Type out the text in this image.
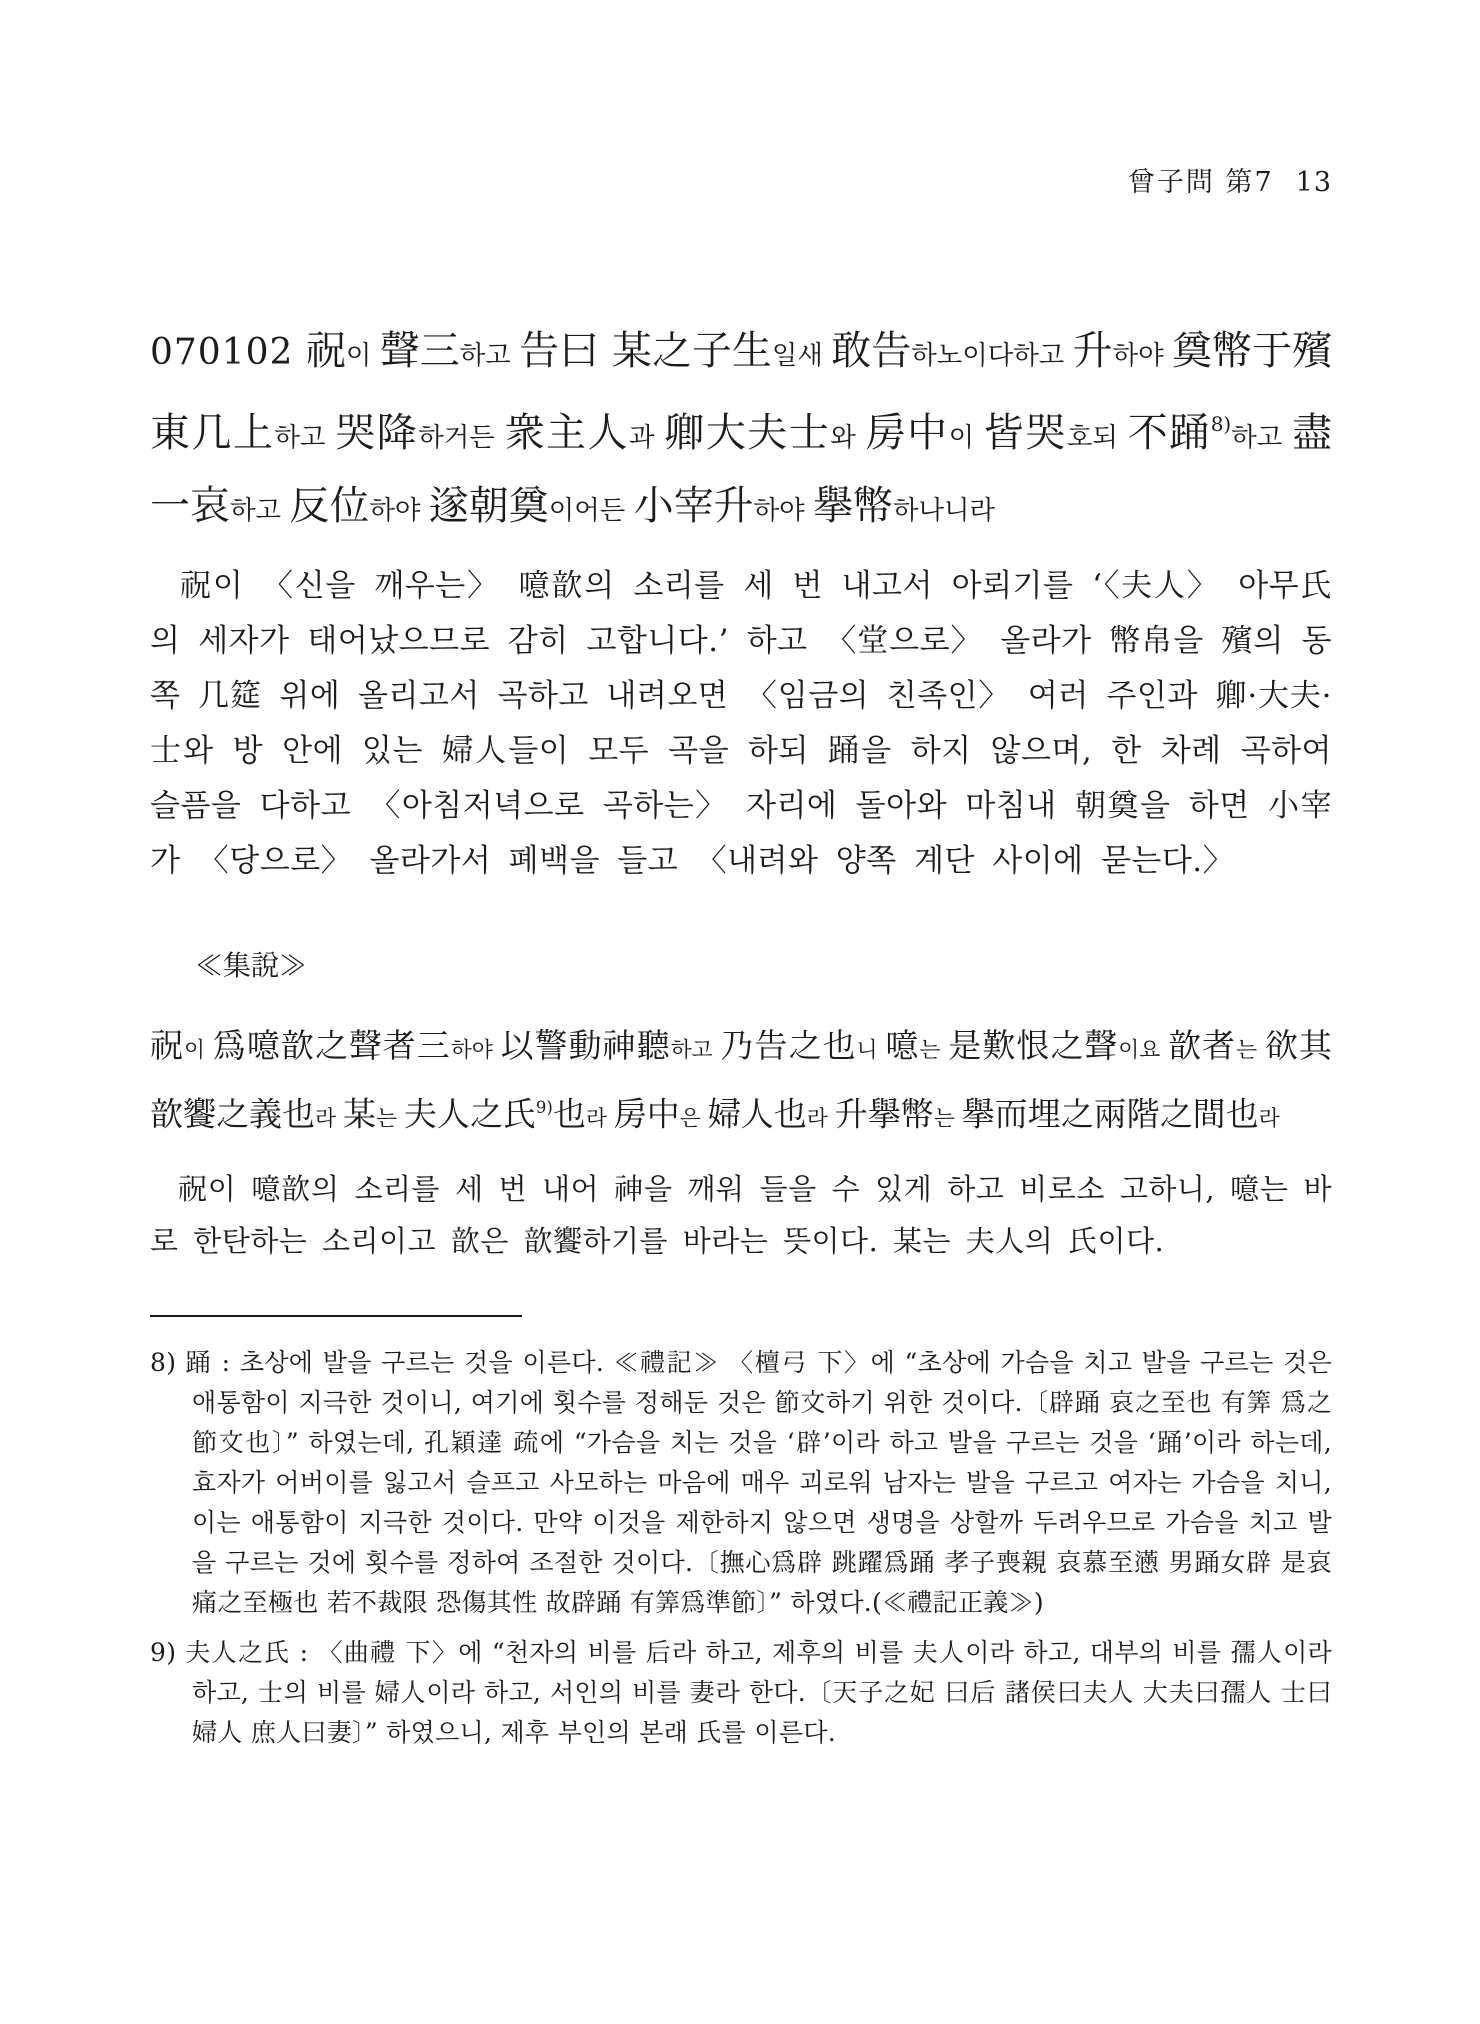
曾子問 第7 13
070102 祝이 聲三하고 告曰 某之子生일새 敢告하노이다하고 升하야 奠幣于殯東几上하고 哭降하거든 衆主人과 卿大夫士와 房中이 皆哭호되 不踊$^{8)}$하고 盡一哀하고 反位하야 遂朝奠이어든 小宰升하야 擧幣하나니라

祝이 〈신을 깨우는〉 噫歆의 소리를 세 번 내고서 아뢰기를 ‘〈夫人〉 아무氏의 세자가 태어났으므로 감히 고합니다.’ 하고 〈堂으로〉 올라가 幣帛을 殯의 동쪽 几筵 위에 올리고서 곡하고 내려오면 〈임금의 친족인〉 여러 주인과 卿·大夫·士와 방 안에 있는 婦人들이 모두 곡을 하되 踊을 하지 않으며, 한 차례 곡하여 슬픔을 다하고 〈아침저녁으로 곡하는〉 자리에 돌아와 마침내 朝奠을 하면 小宰가 〈당으로〉 올라가서 폐백을 들고 〈내려와 양쪽 계단 사이에 묻는다.〉

≪集說≫
祝이 爲噫歆之聲者三하야 以警動神聽하고 乃告之也니 噫는 是歎恨之聲이요 歆者는 欲其歆饗之義也라 某는 夫人之氏$^{9)}$也라 房中은 婦人也라 升擧幣는 擧而埋之兩階之間也라

祝이 噫歆의 소리를 세 번 내어 神을 깨워 들을 수 있게 하고 비로소 고하니, 噫는 바로 한탄하는 소리이고 歆은 歆饗하기를 바라는 뜻이다. 某는 夫人의 氏이다.

8) 踊 : 초상에 발을 구르는 것을 이른다. ≪禮記≫ 〈檀弓 下〉에 “초상에 가슴을 치고 발을 구르는 것은 애통함이 지극한 것이니, 여기에 횟수를 정해둔 것은 節文하기 위한 것이다.〔辟踊 哀之至也 有筭 爲之節文也〕” 하였는데, 孔穎達 疏에 “가슴을 치는 것을 ‘辟’이라 하고 발을 구르는 것을 ‘踊’이라 하는데, 효자가 어버이를 잃고서 슬프고 사모하는 마음에 매우 괴로워 남자는 발을 구르고 여자는 가슴을 치니, 이는 애통함이 지극한 것이다. 만약 이것을 제한하지 않으면 생명을 상할까 두려우므로 가슴을 치고 발을 구르는 것에 횟수를 정하여 조절한 것이다.〔撫心爲辟 跳躍爲踊 孝子喪親 哀慕至懣 男踊女辟 是哀痛之至極也 若不裁限 恐傷其性 故辟踊 有筭爲準節〕” 하였다.(≪禮記正義≫)
9) 夫人之氏 : 〈曲禮 下〉에 “천자의 비를 后라 하고, 제후의 비를 夫人이라 하고, 대부의 비를 孺人이라 하고, 士의 비를 婦人이라 하고, 서인의 비를 妻라 한다.〔天子之妃 曰后 諸侯曰夫人 大夫曰孺人 士曰婦人 庶人曰妻〕” 하였으니, 제후 부인의 본래 氏를 이른다.
